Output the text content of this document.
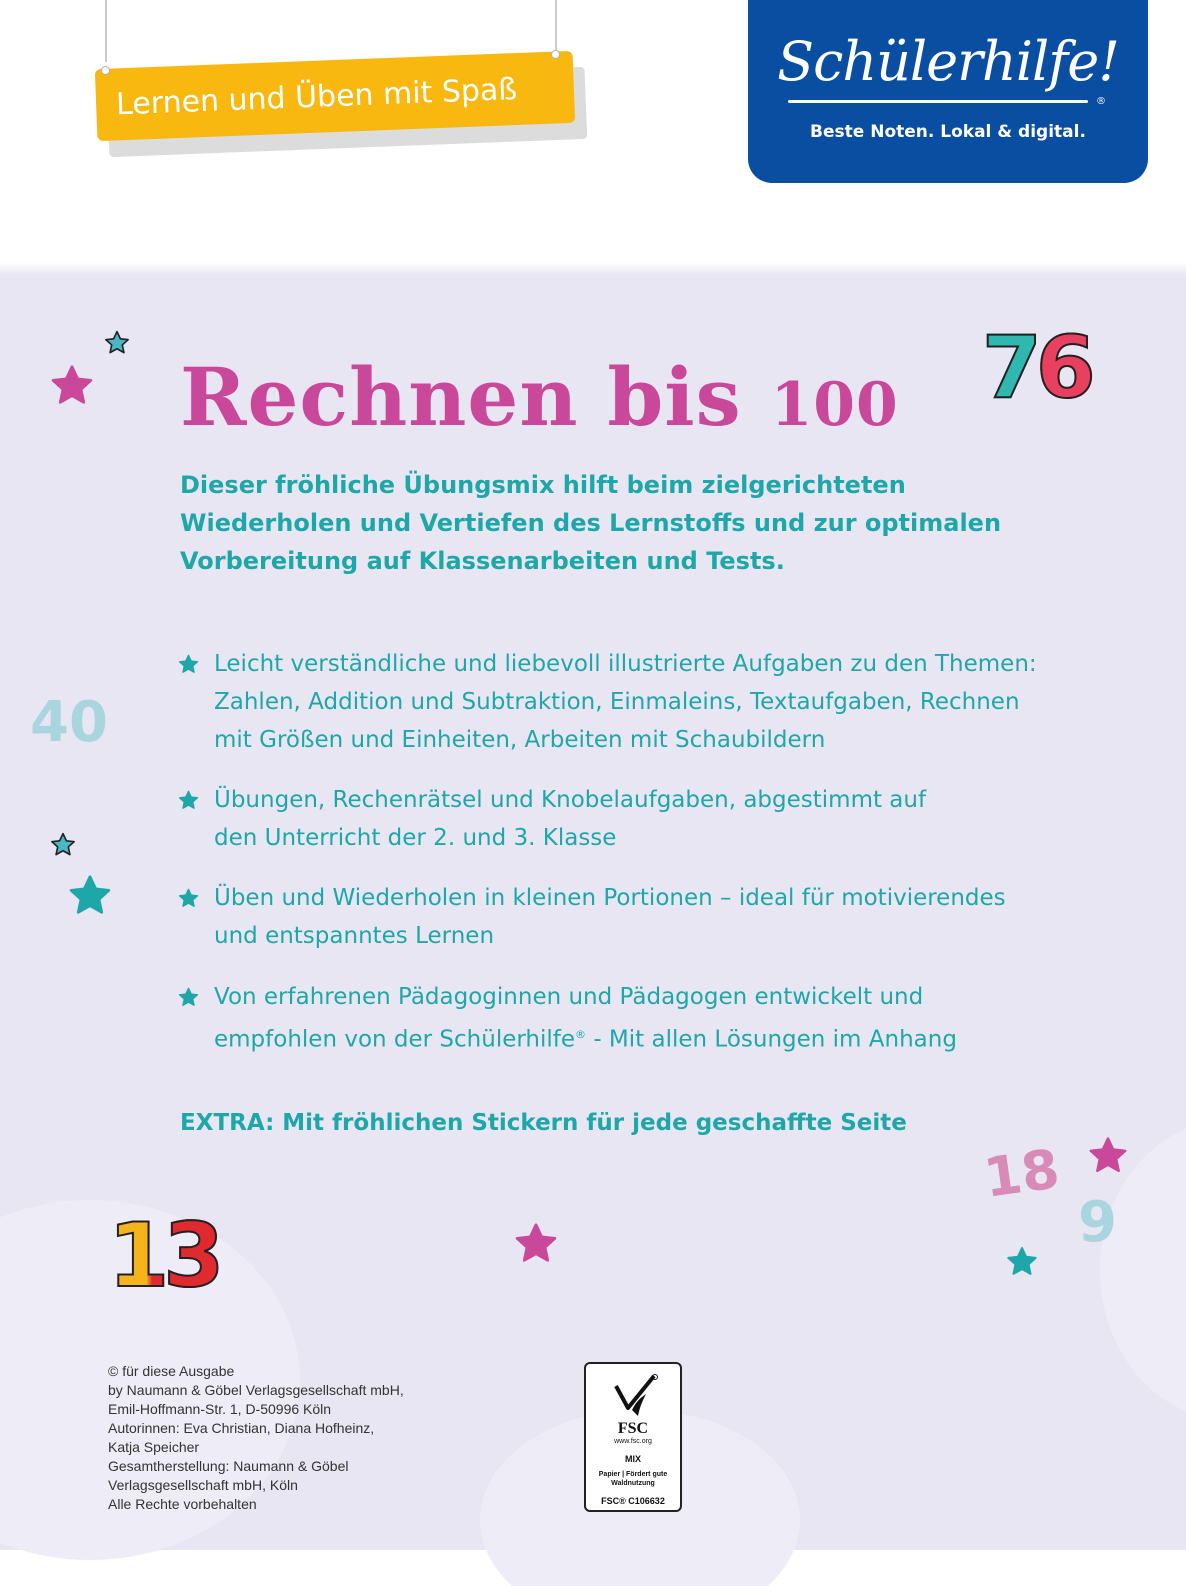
Lernen und Üben mit Spaß
Schülerhilfe!
®
Beste Noten. Lokal & digital.
76
40
13
18
9
Rechnen bis 100
Dieser fröhliche Übungsmix hilft beim zielgerichteten
Wiederholen und Vertiefen des Lernstoffs und zur optimalen
Vorbereitung auf Klassenarbeiten und Tests.
Leicht verständliche und liebevoll illustrierte Aufgaben zu den Themen:
Zahlen, Addition und Subtraktion, Einmaleins, Textaufgaben, Rechnen
mit Größen und Einheiten, Arbeiten mit Schaubildern
Übungen, Rechenrätsel und Knobelaufgaben, abgestimmt auf
den Unterricht der 2. und 3. Klasse
Üben und Wiederholen in kleinen Portionen – ideal für motivierendes
und entspanntes Lernen
Von erfahrenen Pädagoginnen und Pädagogen entwickelt und
empfohlen von der Schülerhilfe® - Mit allen Lösungen im Anhang
EXTRA: Mit fröhlichen Stickern für jede geschaffte Seite
© für diese Ausgabe
by Naumann & Göbel Verlagsgesellschaft mbH,
Emil-Hoffmann-Str. 1, D-50996 Köln
Autorinnen: Eva Christian, Diana Hofheinz,
Katja Speicher
Gesamtherstellung: Naumann & Göbel
Verlagsgesellschaft mbH, Köln
Alle Rechte vorbehalten
FSC
www.fsc.org
MIX
Papier | Fördert gute Waldnutzung
FSC® C106632
